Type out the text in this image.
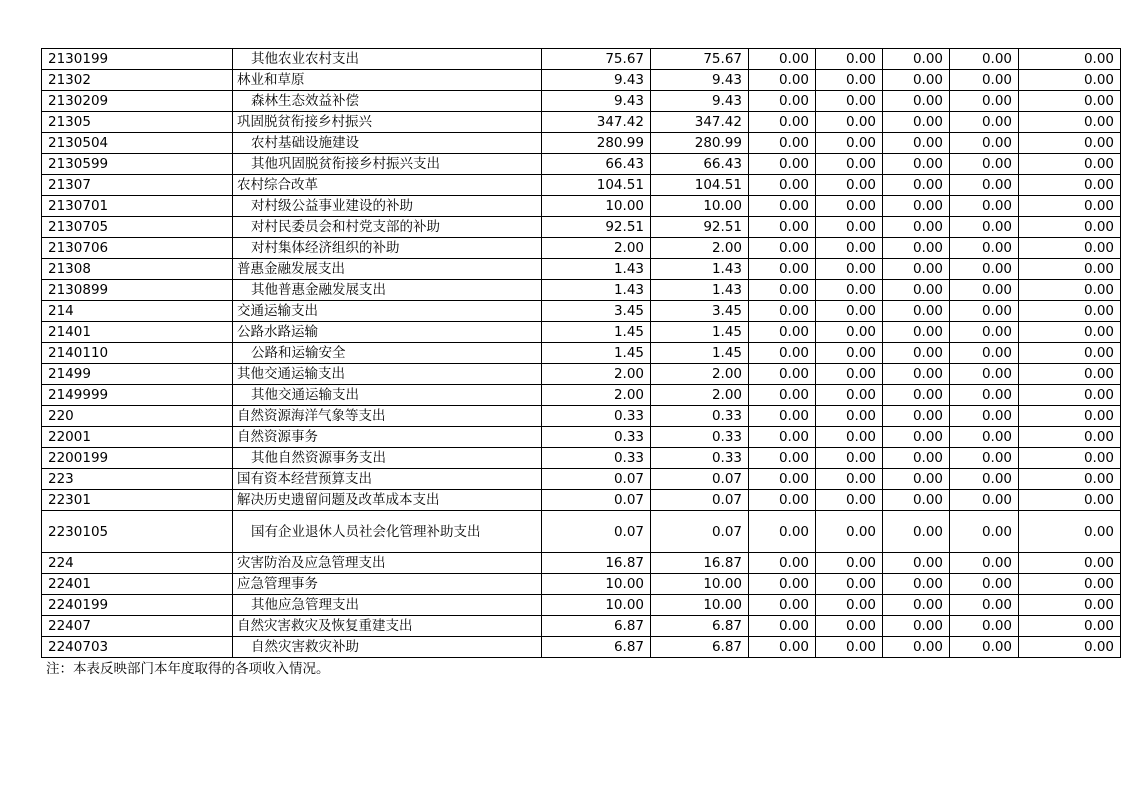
2130199	其他农业农村支出	75.67	75.67	0.00	0.00	0.00	0.00	0.00
21302	林业和草原	9.43	9.43	0.00	0.00	0.00	0.00	0.00
2130209	森林生态效益补偿	9.43	9.43	0.00	0.00	0.00	0.00	0.00
21305	巩固脱贫衔接乡村振兴	347.42	347.42	0.00	0.00	0.00	0.00	0.00
2130504	农村基础设施建设	280.99	280.99	0.00	0.00	0.00	0.00	0.00
2130599	其他巩固脱贫衔接乡村振兴支出	66.43	66.43	0.00	0.00	0.00	0.00	0.00
21307	农村综合改革	104.51	104.51	0.00	0.00	0.00	0.00	0.00
2130701	对村级公益事业建设的补助	10.00	10.00	0.00	0.00	0.00	0.00	0.00
2130705	对村民委员会和村党支部的补助	92.51	92.51	0.00	0.00	0.00	0.00	0.00
2130706	对村集体经济组织的补助	2.00	2.00	0.00	0.00	0.00	0.00	0.00
21308	普惠金融发展支出	1.43	1.43	0.00	0.00	0.00	0.00	0.00
2130899	其他普惠金融发展支出	1.43	1.43	0.00	0.00	0.00	0.00	0.00
214	交通运输支出	3.45	3.45	0.00	0.00	0.00	0.00	0.00
21401	公路水路运输	1.45	1.45	0.00	0.00	0.00	0.00	0.00
2140110	公路和运输安全	1.45	1.45	0.00	0.00	0.00	0.00	0.00
21499	其他交通运输支出	2.00	2.00	0.00	0.00	0.00	0.00	0.00
2149999	其他交通运输支出	2.00	2.00	0.00	0.00	0.00	0.00	0.00
220	自然资源海洋气象等支出	0.33	0.33	0.00	0.00	0.00	0.00	0.00
22001	自然资源事务	0.33	0.33	0.00	0.00	0.00	0.00	0.00
2200199	其他自然资源事务支出	0.33	0.33	0.00	0.00	0.00	0.00	0.00
223	国有资本经营预算支出	0.07	0.07	0.00	0.00	0.00	0.00	0.00
22301	解决历史遗留问题及改革成本支出	0.07	0.07	0.00	0.00	0.00	0.00	0.00
2230105	国有企业退休人员社会化管理补助支出	0.07	0.07	0.00	0.00	0.00	0.00	0.00
224	灾害防治及应急管理支出	16.87	16.87	0.00	0.00	0.00	0.00	0.00
22401	应急管理事务	10.00	10.00	0.00	0.00	0.00	0.00	0.00
2240199	其他应急管理支出	10.00	10.00	0.00	0.00	0.00	0.00	0.00
22407	自然灾害救灾及恢复重建支出	6.87	6.87	0.00	0.00	0.00	0.00	0.00
2240703	自然灾害救灾补助	6.87	6.87	0.00	0.00	0.00	0.00	0.00
注：本表反映部门本年度取得的各项收入情况。
